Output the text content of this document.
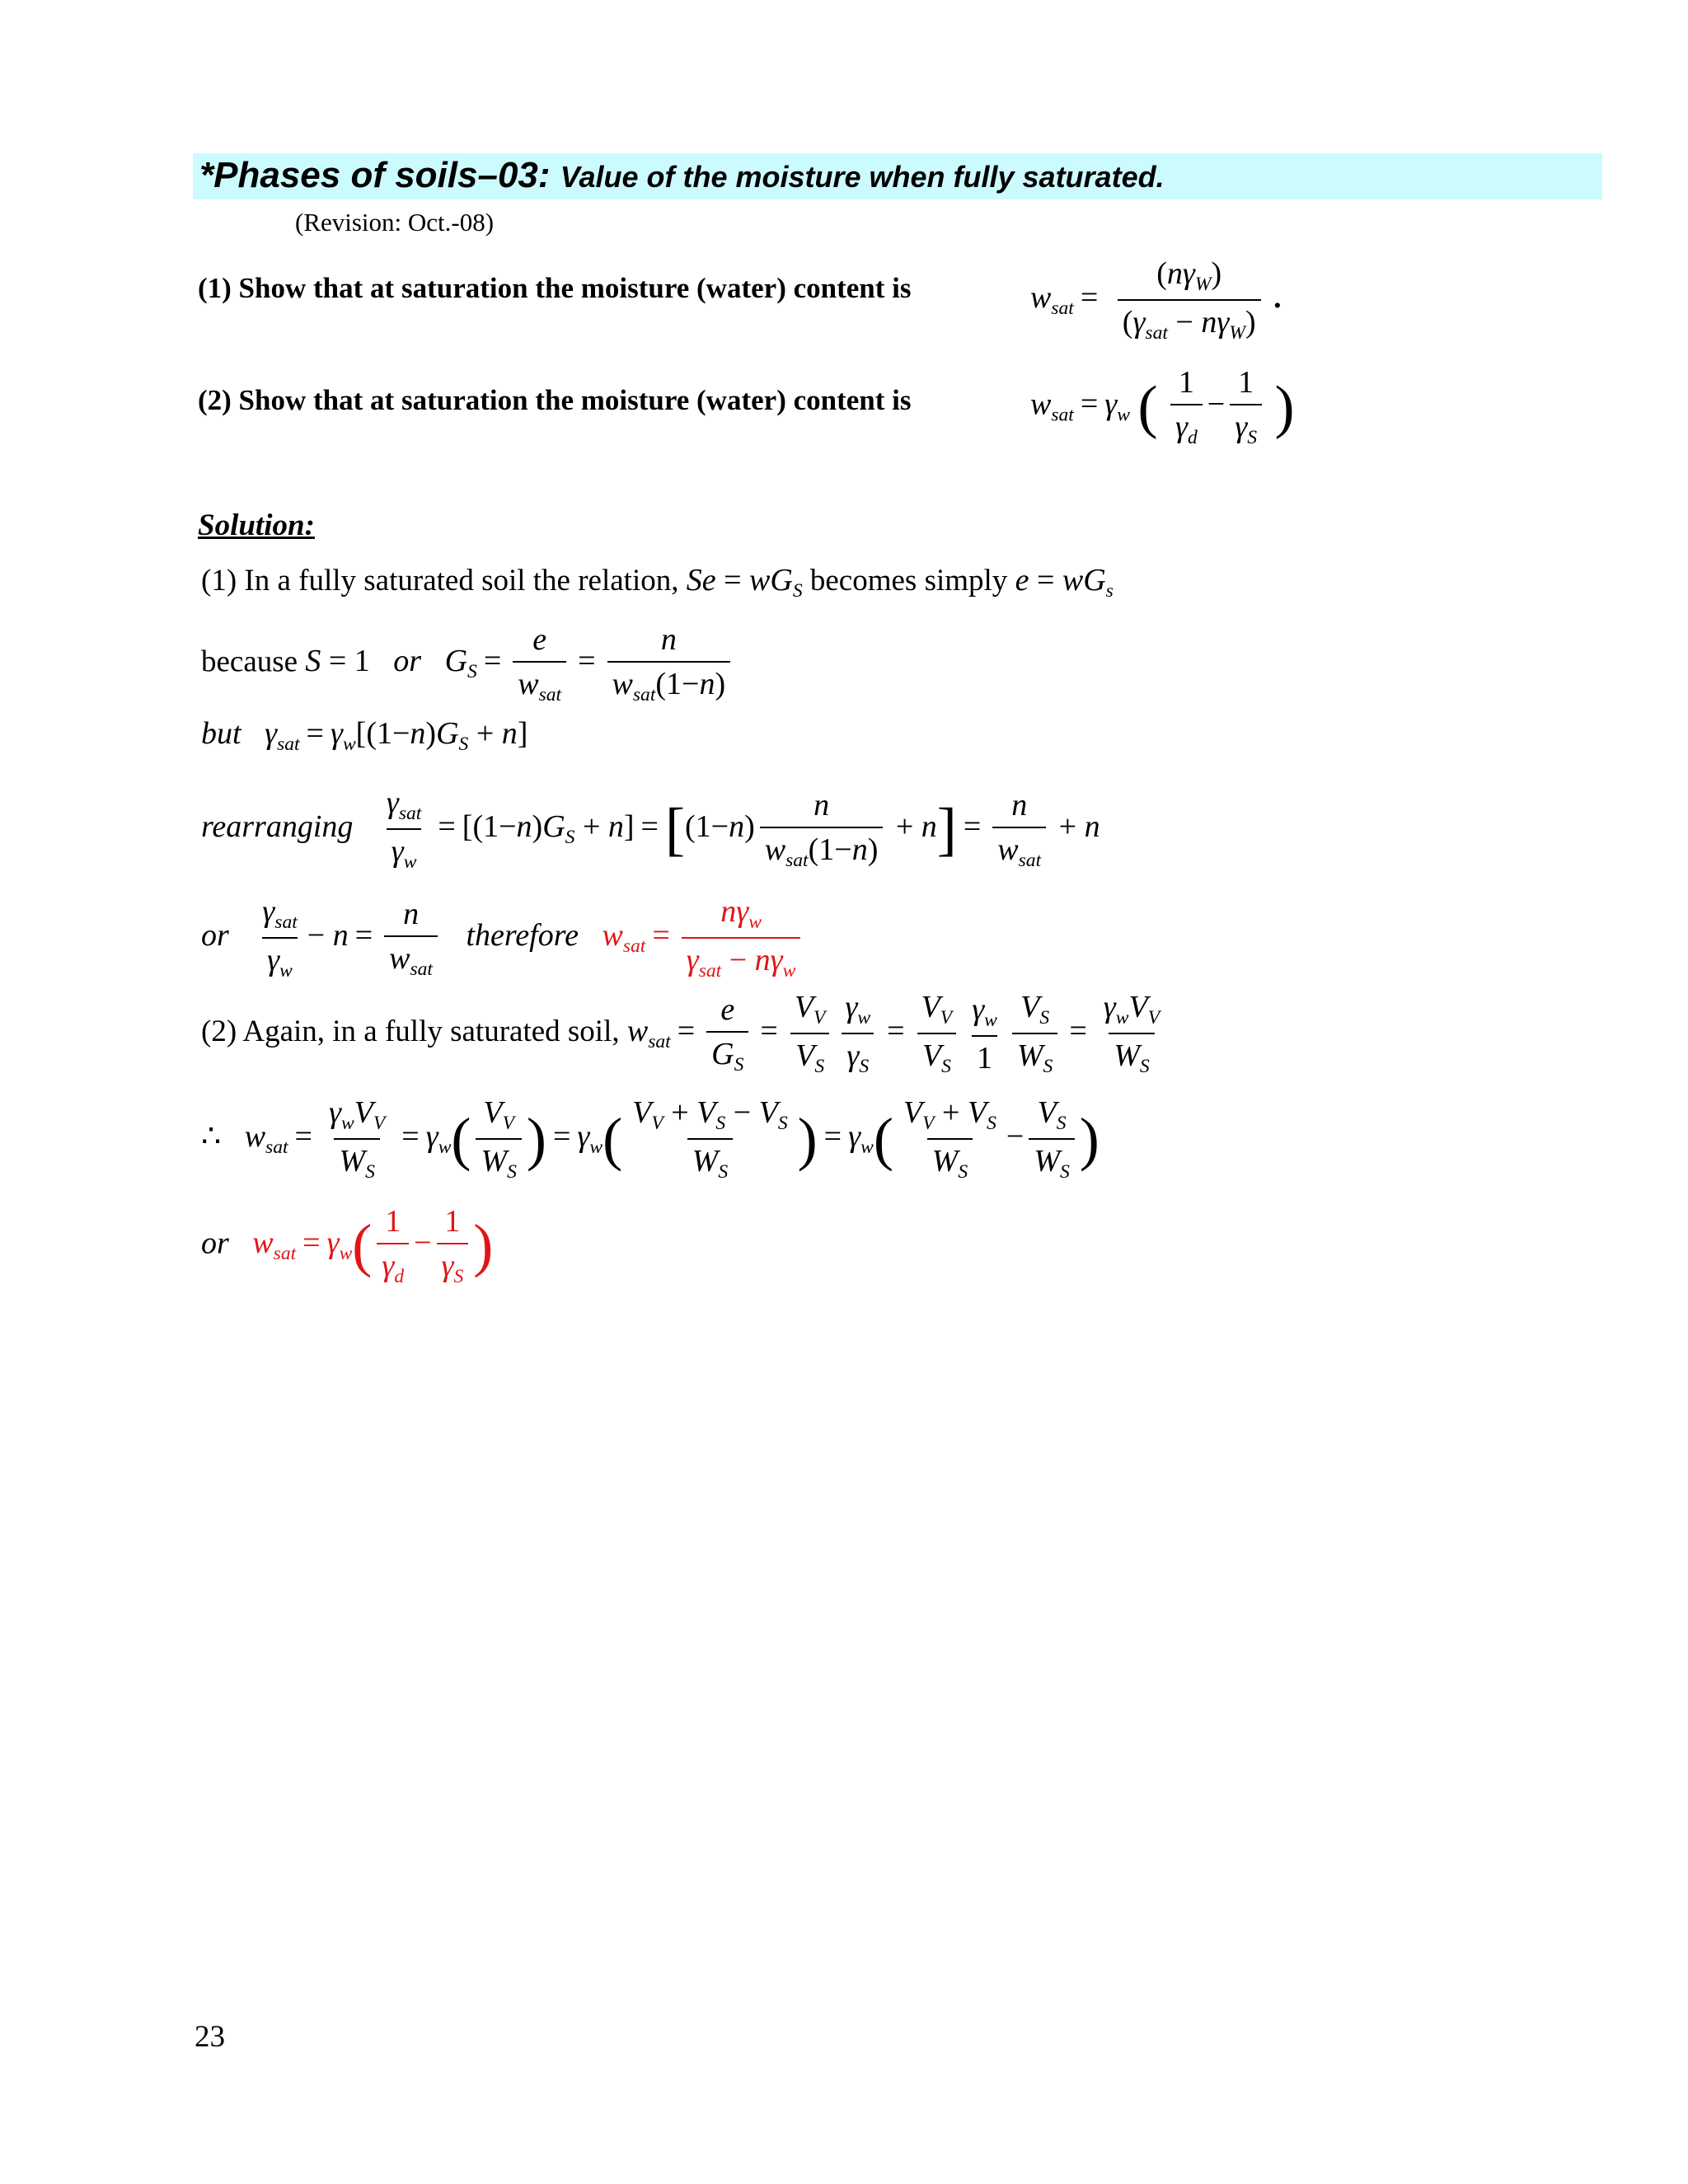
*Phases of soils–03: Value of the moisture when fully saturated.
(Revision: Oct.-08)
(1) Show that at saturation the moisture (water) content is	$w_{sat} = \frac{(n\gamma_W)}{(\gamma_{sat} - n\gamma_W)}$ .
(2) Show that at saturation the moisture (water) content is	$w_{sat} = \gamma_w$ ( $\frac{1}{\gamma_d} - \frac{1}{\gamma_S}$ )
Solution:
(1) In a fully saturated soil the relation, $Se = wG_S$ becomes simply $e = wG_s$
because S = 1   or $G_S = \frac{e}{w_{sat}} = \frac{n}{w_{sat}(1-n)}$
but $\gamma_{sat} = \gamma_w[(1-n)G_S + n]$
rearranging $\frac{\gamma_{sat}}{\gamma_w} = [(1-n)G_S + n] = [(1-n) \frac{n}{w_{sat}(1-n)} + n] = \frac{n}{w_{sat}} + n$
or $\frac{\gamma_{sat}}{\gamma_w} - n = \frac{n}{w_{sat}}$ therefore $w_{sat} = \frac{n\gamma_w}{\gamma_{sat} - n\gamma_w}$
(2) Again, in a fully saturated soil, $w_{sat} = \frac{e}{G_S} = \frac{V_V}{V_S} \frac{\gamma_w}{\gamma_S} = \frac{V_V}{V_S} \frac{\gamma_w}{1} \frac{V_S}{W_S} = \frac{\gamma_wV_V}{W_S}$
∴ $w_{sat} = \frac{\gamma_wV_V}{W_S} = \gamma_w( \frac{V_V}{W_S}$ ) = $\gamma_w( \frac{V_V + V_S - V_S}{W_S}$ ) = $\gamma_w( \frac{V_V + V_S}{W_S} - \frac{V_S}{W_S}$ )
or $w_{sat} = \gamma_w( \frac{1}{\gamma_d} - \frac{1}{\gamma_S}$ )
23
